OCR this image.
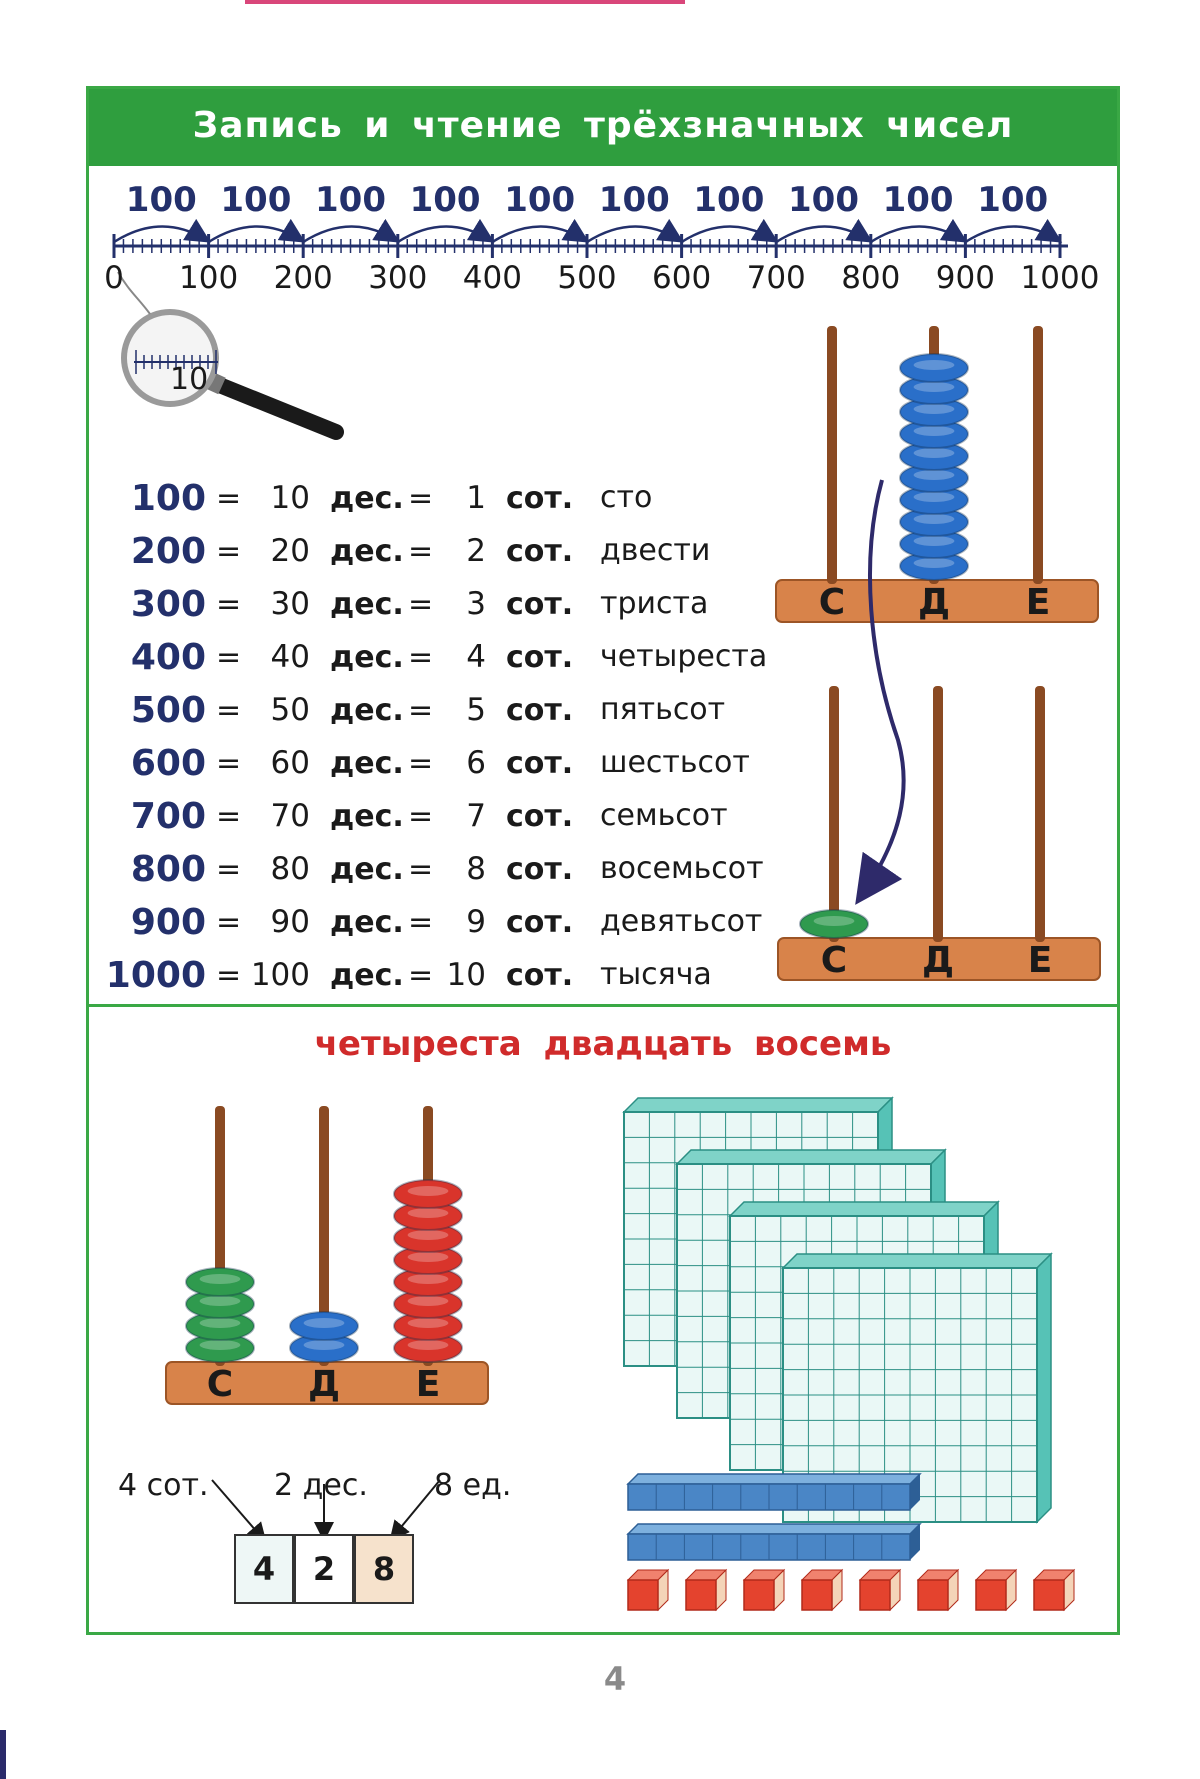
Запись и чтение трёхзначных чисел
10
100 100 100 100 100 100 100 100 100 100
0	100	200	300	400	500	600	700	800	900 1000
100 = 10 дес. = 1 сот. сто
200 = 20 дес. = 2 сот. двести
300 = 30 дес. = 3 сот. триста
400 = 40 дес. = 4 сот. четыреста
500 = 50 дес. = 5 сот. пятьсот
600 = 60 дес. = 6 сот. шестьсот
700 = 70 дес. = 7 сот. семьсот
800 = 80 дес. = 8 сот. восемьсот
900 = 90 дес. = 9 сот. девятьсот
1000 = 100 дес. = 10 сот. тысяча
С	Д	Е
С	Д	Е
С	Д	Е
четыреста двадцать восемь
4 сот. 2 дес. 8 ед.
4	2	8
4
